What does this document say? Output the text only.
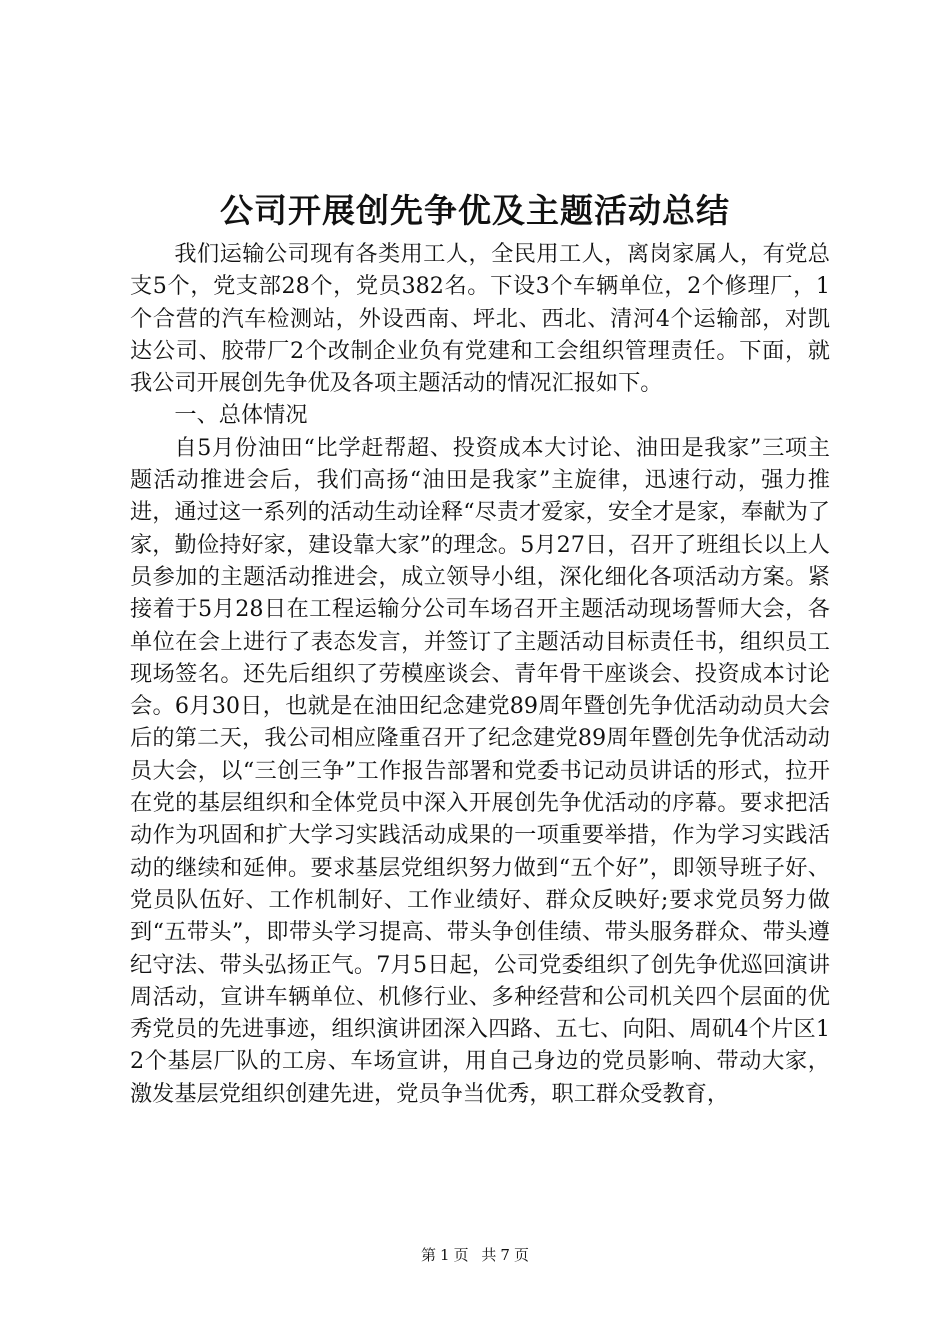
公司开展创先争优及主题活动总结

我们运输公司现有各类用工人，全民用工人，离岗家属人，有党总支5个，党支部28个，党员382名。下设3个车辆单位，2个修理厂，1个合营的汽车检测站，外设西南、坪北、西北、清河4个运输部，对凯达公司、胶带厂2个改制企业负有党建和工会组织管理责任。下面，就我公司开展创先争优及各项主题活动的情况汇报如下。

一、总体情况

自5月份油田“比学赶帮超、投资成本大讨论、油田是我家”三项主题活动推进会后，我们高扬“油田是我家”主旋律，迅速行动，强力推进，通过这一系列的活动生动诠释“尽责才爱家，安全才是家，奉献为了家，勤俭持好家，建设靠大家”的理念。5月27日，召开了班组长以上人员参加的主题活动推进会，成立领导小组，深化细化各项活动方案。紧接着于5月28日在工程运输分公司车场召开主题活动现场誓师大会，各单位在会上进行了表态发言，并签订了主题活动目标责任书，组织员工现场签名。还先后组织了劳模座谈会、青年骨干座谈会、投资成本讨论会。6月30日，也就是在油田纪念建党89周年暨创先争优活动动员大会后的第二天，我公司相应隆重召开了纪念建党89周年暨创先争优活动动员大会，以“三创三争”工作报告部署和党委书记动员讲话的形式，拉开在党的基层组织和全体党员中深入开展创先争优活动的序幕。要求把活动作为巩固和扩大学习实践活动成果的一项重要举措，作为学习实践活动的继续和延伸。要求基层党组织努力做到“五个好”，即领导班子好、党员队伍好、工作机制好、工作业绩好、群众反映好;要求党员努力做到“五带头”，即带头学习提高、带头争创佳绩、带头服务群众、带头遵纪守法、带头弘扬正气。7月5日起，公司党委组织了创先争优巡回演讲周活动，宣讲车辆单位、机修行业、多种经营和公司机关四个层面的优秀党员的先进事迹，组织演讲团深入四路、五七、向阳、周矶4个片区12个基层厂队的工房、车场宣讲，用自己身边的党员影响、带动大家，激发基层党组织创建先进，党员争当优秀，职工群众受教育，

第 1 页 共 7 页
